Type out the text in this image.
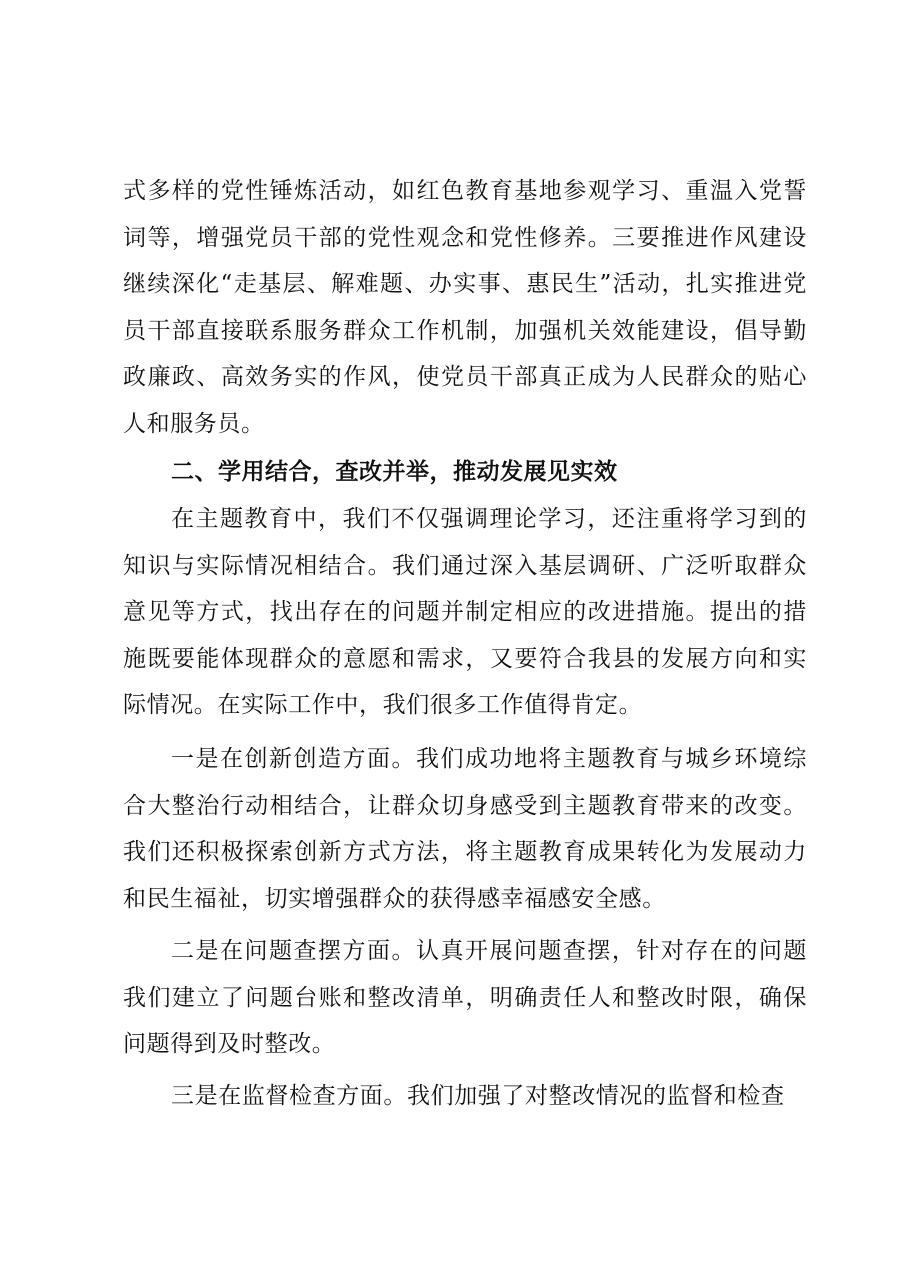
式多样的党性锤炼活动，如红色教育基地参观学习、重温入党誓词等，增强党员干部的党性观念和党性修养。三要推进作风建设继续深化“走基层、解难题、办实事、惠民生”活动，扎实推进党员干部直接联系服务群众工作机制，加强机关效能建设，倡导勤政廉政、高效务实的作风，使党员干部真正成为人民群众的贴心人和服务员。

二、学用结合，查改并举，推动发展见实效

在主题教育中，我们不仅强调理论学习，还注重将学习到的知识与实际情况相结合。我们通过深入基层调研、广泛听取群众意见等方式，找出存在的问题并制定相应的改进措施。提出的措施既要能体现群众的意愿和需求，又要符合我县的发展方向和实际情况。在实际工作中，我们很多工作值得肯定。

一是在创新创造方面。我们成功地将主题教育与城乡环境综合大整治行动相结合，让群众切身感受到主题教育带来的改变。我们还积极探索创新方式方法，将主题教育成果转化为发展动力和民生福祉，切实增强群众的获得感幸福感安全感。

二是在问题查摆方面。认真开展问题查摆，针对存在的问题我们建立了问题台账和整改清单，明确责任人和整改时限，确保问题得到及时整改。

三是在监督检查方面。我们加强了对整改情况的监督和检查
